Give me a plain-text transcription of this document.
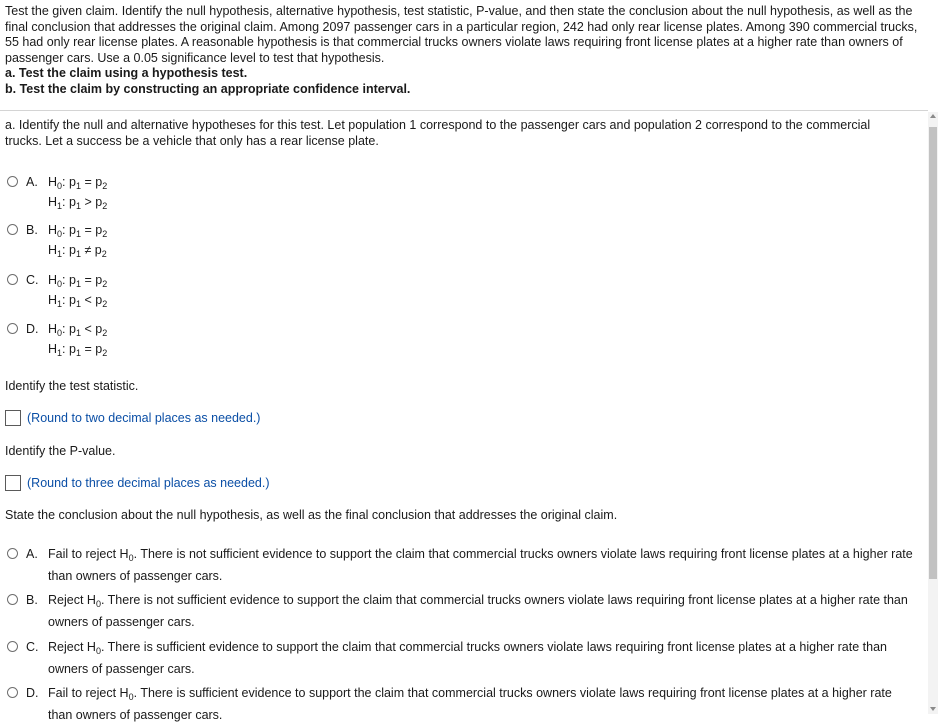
Test the given claim. Identify the null hypothesis, alternative hypothesis, test statistic, P-value, and then state the conclusion about the null hypothesis, as well as the final conclusion that addresses the original claim. Among 2097 passenger cars in a particular region, 242 had only rear license plates. Among 390 commercial trucks, 55 had only rear license plates. A reasonable hypothesis is that commercial trucks owners violate laws requiring front license plates at a higher rate than owners of passenger cars. Use a 0.05 significance level to test that hypothesis.
a. Test the claim using a hypothesis test.
b. Test the claim by constructing an appropriate confidence interval.
a. Identify the null and alternative hypotheses for this test. Let population 1 correspond to the passenger cars and population 2 correspond to the commercial trucks. Let a success be a vehicle that only has a rear license plate.
A. $H_0$: $p_1 = p_2$
$H_1$: $p_1 > p_2$
B. $H_0$: $p_1 = p_2$
$H_1$: $p_1 \ne p_2$
C. $H_0$: $p_1 = p_2$
$H_1$: $p_1 < p_2$
D. $H_0$: $p_1 < p_2$
$H_1$: $p_1 = p_2$
Identify the test statistic.
(Round to two decimal places as needed.)
Identify the P-value.
(Round to three decimal places as needed.)
State the conclusion about the null hypothesis, as well as the final conclusion that addresses the original claim.
A. Fail to reject $H_0$. There is not sufficient evidence to support the claim that commercial trucks owners violate laws requiring front license plates at a higher rate than owners of passenger cars.
B. Reject $H_0$. There is not sufficient evidence to support the claim that commercial trucks owners violate laws requiring front license plates at a higher rate than owners of passenger cars.
C. Reject $H_0$. There is sufficient evidence to support the claim that commercial trucks owners violate laws requiring front license plates at a higher rate than owners of passenger cars.
D. Fail to reject $H_0$. There is sufficient evidence to support the claim that commercial trucks owners violate laws requiring front license plates at a higher rate than owners of passenger cars.
